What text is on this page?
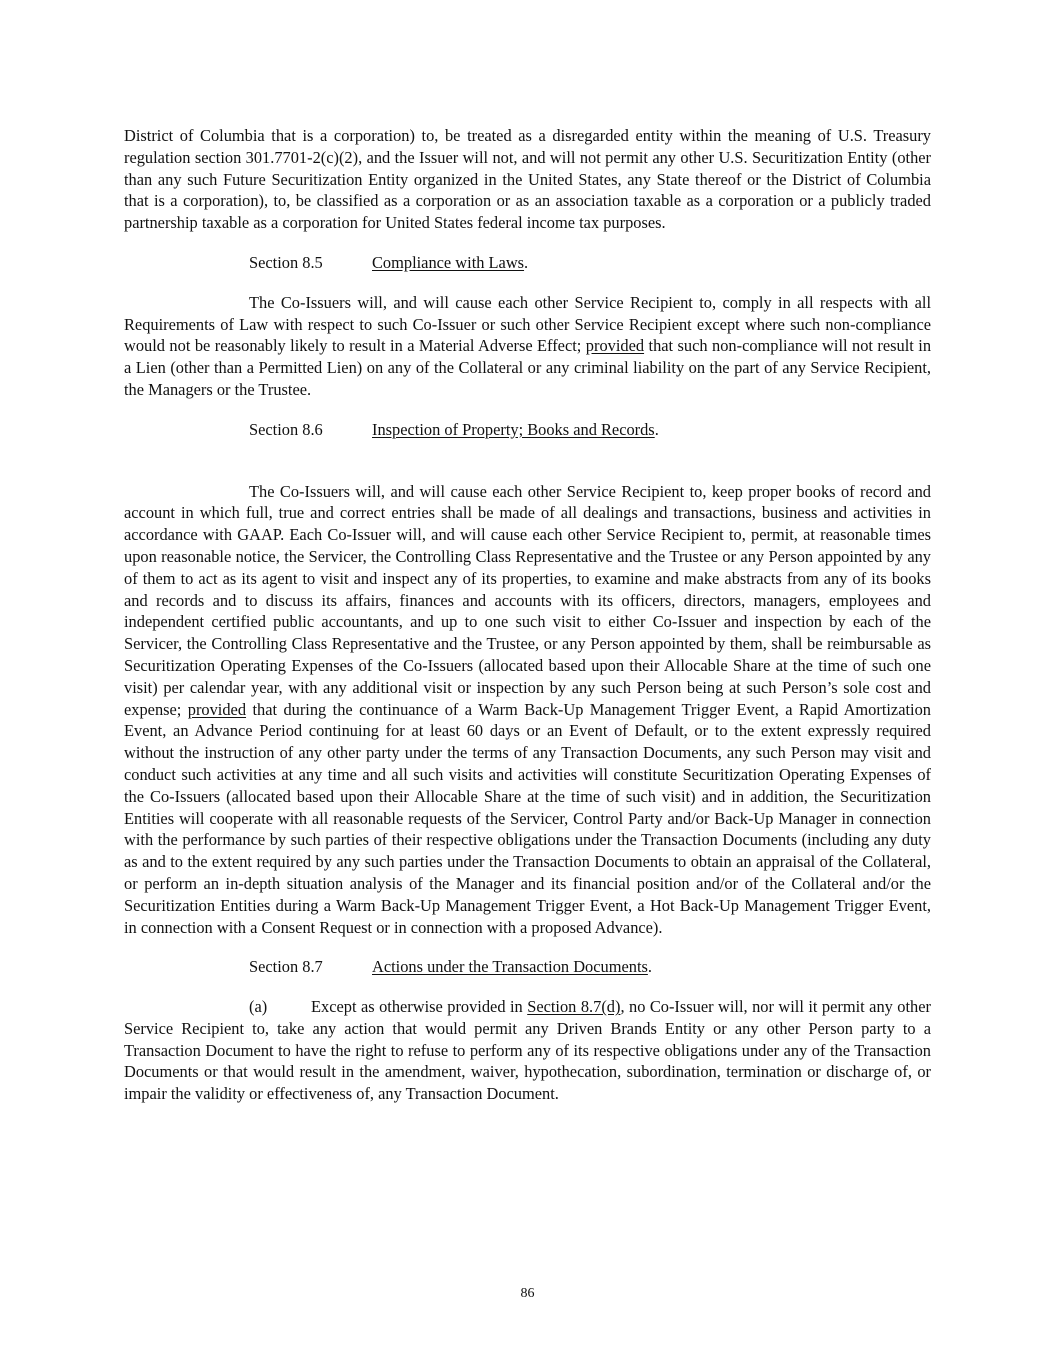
District of Columbia that is a corporation) to, be treated as a disregarded entity within the meaning of U.S. Treasury regulation section 301.7701-2(c)(2), and the Issuer will not, and will not permit any other U.S. Securitization Entity (other than any such Future Securitization Entity organized in the United States, any State thereof or the District of Columbia that is a corporation), to, be classified as a corporation or as an association taxable as a corporation or a publicly traded partnership taxable as a corporation for United States federal income tax purposes.

Section 8.5	Compliance with Laws.

The Co-Issuers will, and will cause each other Service Recipient to, comply in all respects with all Requirements of Law with respect to such Co-Issuer or such other Service Recipient except where such non-compliance would not be reasonably likely to result in a Material Adverse Effect; provided that such non-compliance will not result in a Lien (other than a Permitted Lien) on any of the Collateral or any criminal liability on the part of any Service Recipient, the Managers or the Trustee.

Section 8.6	Inspection of Property; Books and Records.

The Co-Issuers will, and will cause each other Service Recipient to, keep proper books of record and account in which full, true and correct entries shall be made of all dealings and transactions, business and activities in accordance with GAAP. Each Co-Issuer will, and will cause each other Service Recipient to, permit, at reasonable times upon reasonable notice, the Servicer, the Controlling Class Representative and the Trustee or any Person appointed by any of them to act as its agent to visit and inspect any of its properties, to examine and make abstracts from any of its books and records and to discuss its affairs, finances and accounts with its officers, directors, managers, employees and independent certified public accountants, and up to one such visit to either Co-Issuer and inspection by each of the Servicer, the Controlling Class Representative and the Trustee, or any Person appointed by them, shall be reimbursable as Securitization Operating Expenses of the Co-Issuers (allocated based upon their Allocable Share at the time of such one visit) per calendar year, with any additional visit or inspection by any such Person being at such Person’s sole cost and expense; provided that during the continuance of a Warm Back-Up Management Trigger Event, a Rapid Amortization Event, an Advance Period continuing for at least 60 days or an Event of Default, or to the extent expressly required without the instruction of any other party under the terms of any Transaction Documents, any such Person may visit and conduct such activities at any time and all such visits and activities will constitute Securitization Operating Expenses of the Co-Issuers (allocated based upon their Allocable Share at the time of such visit) and in addition, the Securitization Entities will cooperate with all reasonable requests of the Servicer, Control Party and/or Back-Up Manager in connection with the performance by such parties of their respective obligations under the Transaction Documents (including any duty as and to the extent required by any such parties under the Transaction Documents to obtain an appraisal of the Collateral, or perform an in-depth situation analysis of the Manager and its financial position and/or of the Collateral and/or the Securitization Entities during a Warm Back-Up Management Trigger Event, a Hot Back-Up Management Trigger Event, in connection with a Consent Request or in connection with a proposed Advance).

Section 8.7	Actions under the Transaction Documents.

(a)	Except as otherwise provided in Section 8.7(d), no Co-Issuer will, nor will it permit any other Service Recipient to, take any action that would permit any Driven Brands Entity or any other Person party to a Transaction Document to have the right to refuse to perform any of its respective obligations under any of the Transaction Documents or that would result in the amendment, waiver, hypothecation, subordination, termination or discharge of, or impair the validity or effectiveness of, any Transaction Document.

86
